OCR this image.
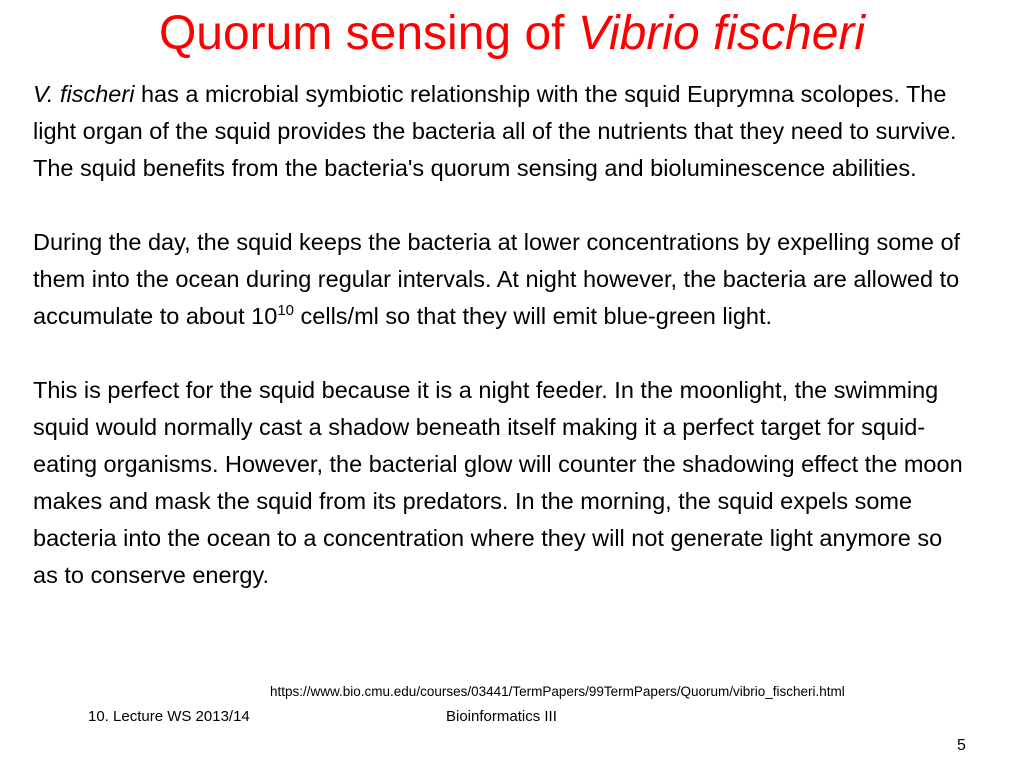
Quorum sensing of Vibrio fischeri

V. fischeri has a microbial symbiotic relationship with the squid Euprymna scolopes. The light organ of the squid provides the bacteria all of the nutrients that they need to survive. The squid benefits from the bacteria's quorum sensing and bioluminescence abilities.

During the day, the squid keeps the bacteria at lower concentrations by expelling some of them into the ocean during regular intervals. At night however, the bacteria are allowed to accumulate to about $10^{10}$ cells/ml so that they will emit blue-green light.

This is perfect for the squid because it is a night feeder. In the moonlight, the swimming squid would normally cast a shadow beneath itself making it a perfect target for squid-eating organisms. However, the bacterial glow will counter the shadowing effect the moon makes and mask the squid from its predators. In the morning, the squid expels some bacteria into the ocean to a concentration where they will not generate light anymore so as to conserve energy.

https://www.bio.cmu.edu/courses/03441/TermPapers/99TermPapers/Quorum/vibrio_fischeri.html
10. Lecture WS 2013/14	Bioinformatics III
5
